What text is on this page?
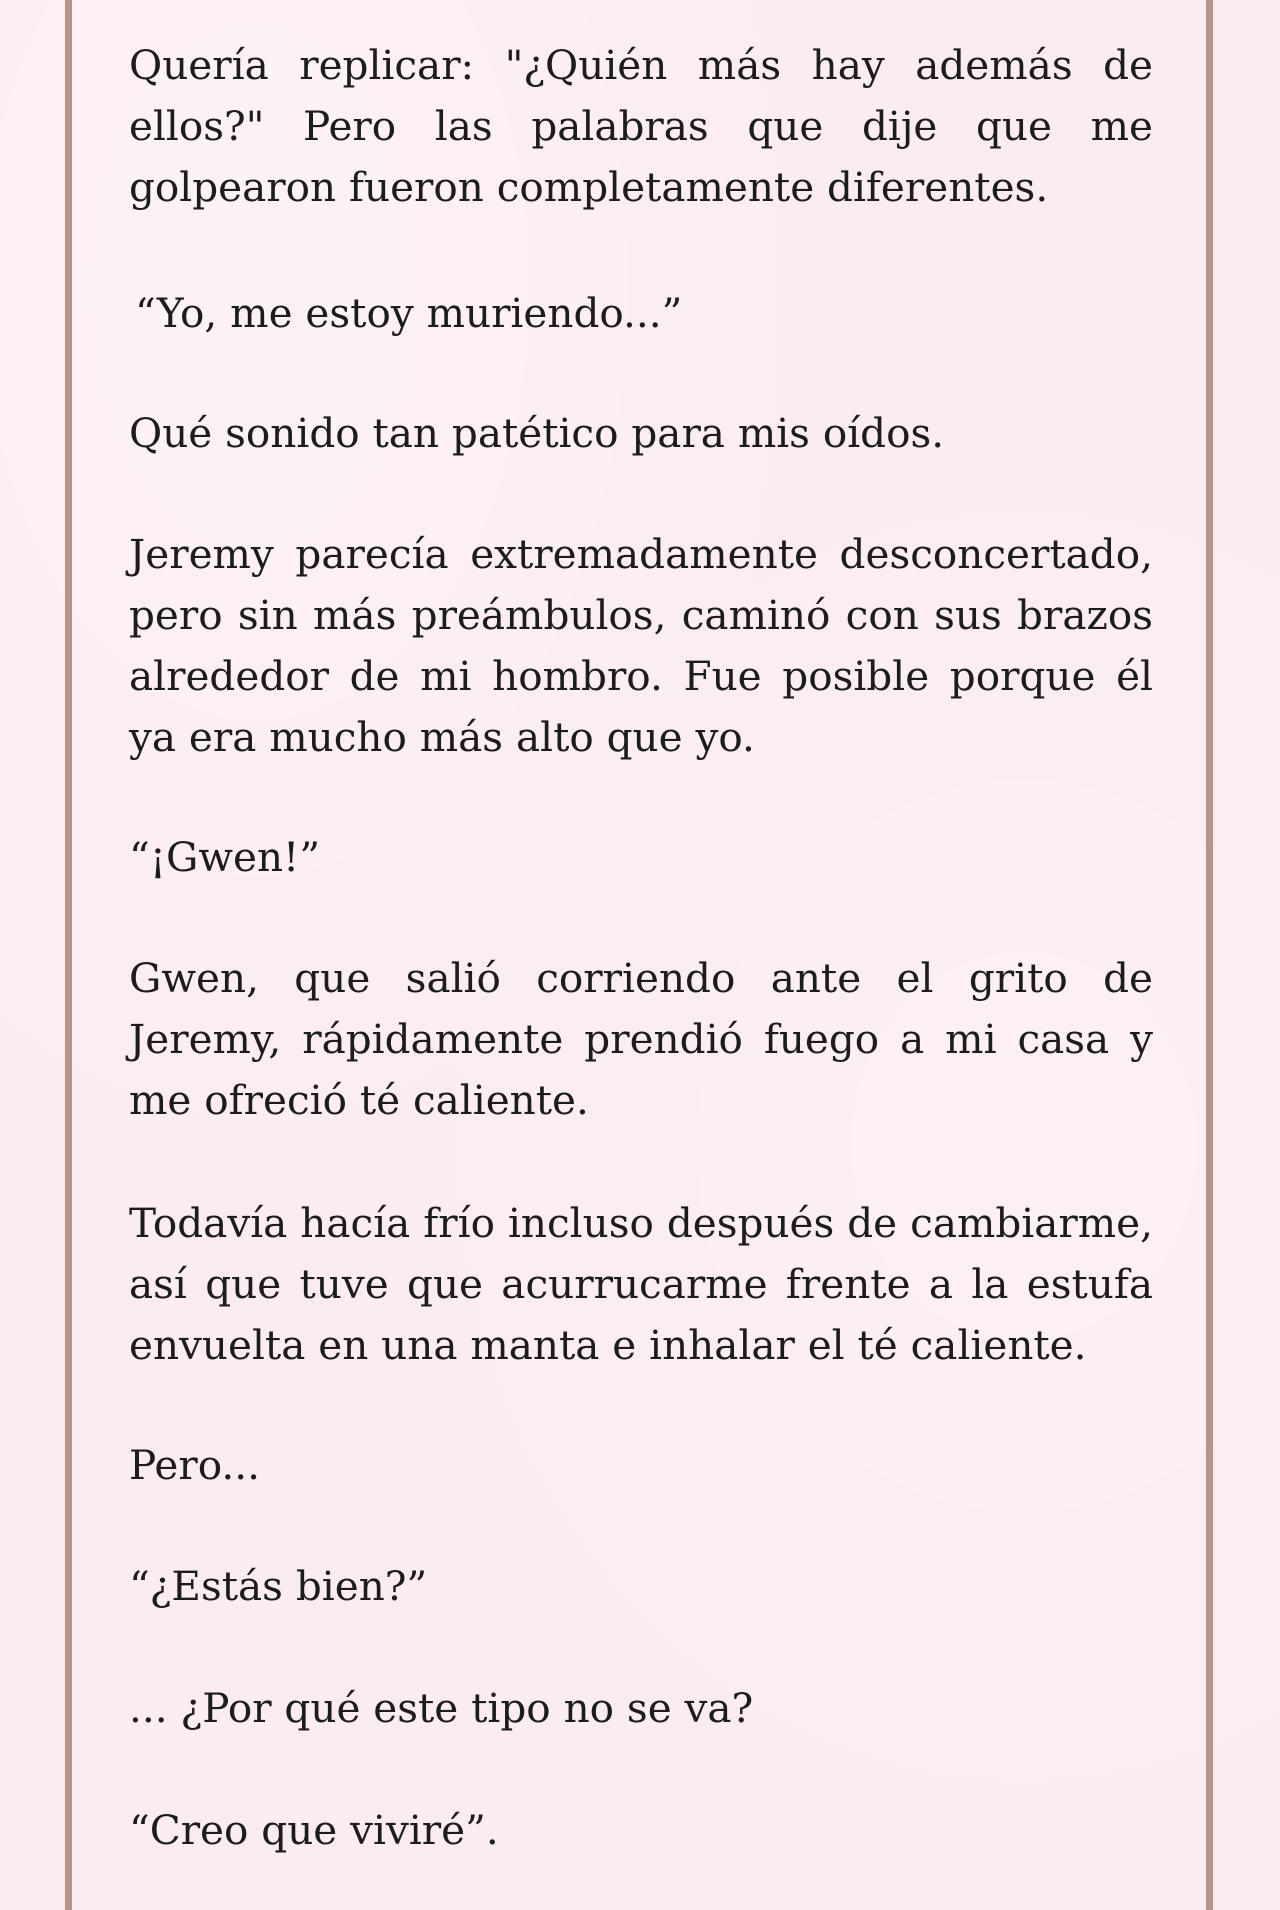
Quería replicar: "¿Quién más hay además de ellos?" Pero las palabras que dije que me golpearon fueron completamente diferentes.

“Yo, me estoy muriendo...”

Qué sonido tan patético para mis oídos.

Jeremy parecía extremadamente desconcertado, pero sin más preámbulos, caminó con sus brazos alrededor de mi hombro. Fue posible porque él ya era mucho más alto que yo.

“¡Gwen!”

Gwen, que salió corriendo ante el grito de Jeremy, rápidamente prendió fuego a mi casa y me ofreció té caliente.

Todavía hacía frío incluso después de cambiarme, así que tuve que acurrucarme frente a la estufa envuelta en una manta e inhalar el té caliente.

Pero...

“¿Estás bien?”

... ¿Por qué este tipo no se va?

“Creo que viviré”.
